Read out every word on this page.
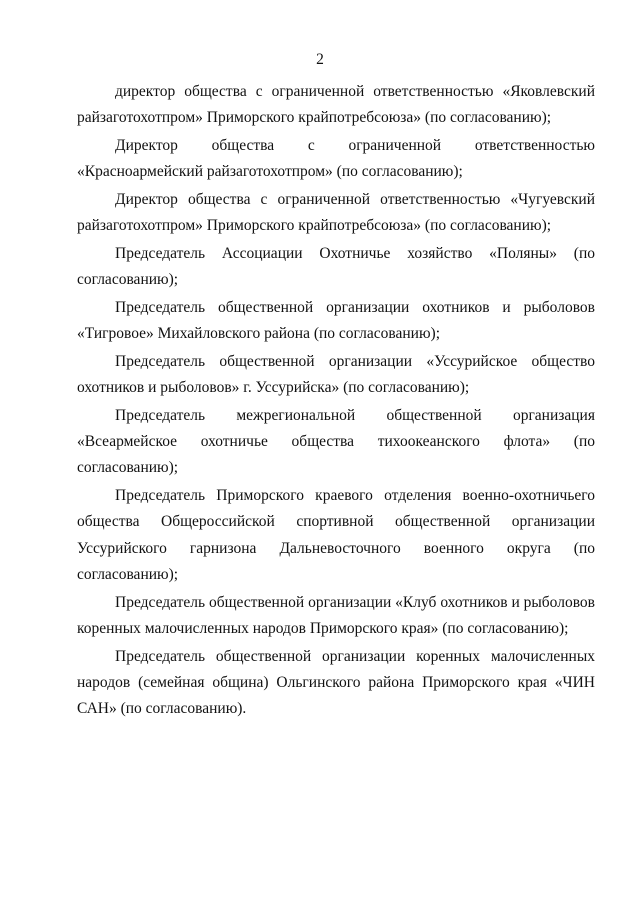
2

директор общества с ограниченной ответственностью «Яковлевский райзаготохотпром» Приморского крайпотребсоюза» (по согласованию);

Директор общества с ограниченной ответственностью «Красноармейский райзаготохотпром» (по согласованию);

Директор общества с ограниченной ответственностью «Чугуевский райзаготохотпром» Приморского крайпотребсоюза» (по согласованию);

Председатель Ассоциации Охотничье хозяйство «Поляны» (по согласованию);

Председатель общественной организации охотников и рыболовов «Тигровое» Михайловского района (по согласованию);

Председатель общественной организации «Уссурийское общество охотников и рыболовов» г. Уссурийска» (по согласованию);

Председатель межрегиональной общественной организация «Всеармейское охотничье общества тихоокеанского флота» (по согласованию);

Председатель Приморского краевого отделения военно-охотничьего общества Общероссийской спортивной общественной организации Уссурийского гарнизона Дальневосточного военного округа (по согласованию);

Председатель общественной организации «Клуб охотников и рыболовов коренных малочисленных народов Приморского края» (по согласованию);

Председатель общественной организации коренных малочисленных народов (семейная община) Ольгинского района Приморского края «ЧИН САН» (по согласованию).
